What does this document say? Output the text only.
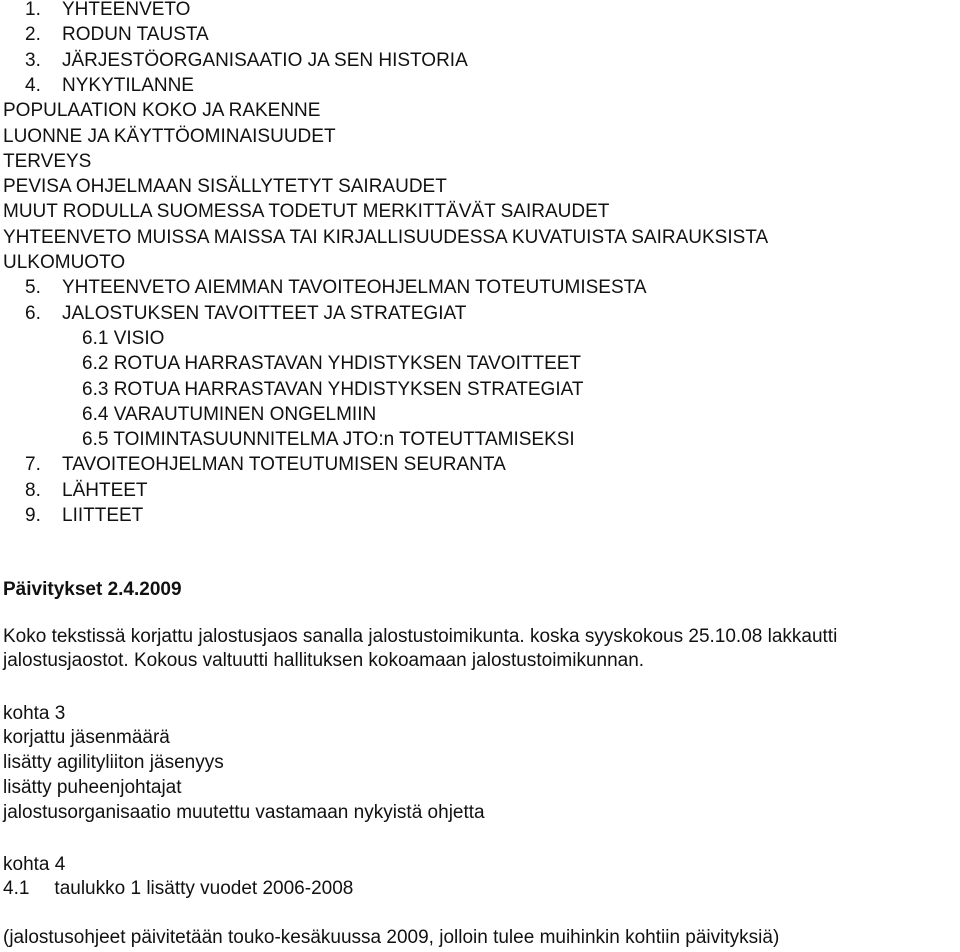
1. YHTEENVETO
2. RODUN TAUSTA
3. JÄRJESTÖORGANISAATIO JA SEN HISTORIA
4. NYKYTILANNE
POPULAATION KOKO JA RAKENNE
LUONNE JA KÄYTTÖOMINAISUUDET
TERVEYS
PEVISA OHJELMAAN SISÄLLYTETYT SAIRAUDET
MUUT RODULLA SUOMESSA TODETUT MERKITTÄVÄT SAIRAUDET
YHTEENVETO MUISSA MAISSA TAI KIRJALLISUUDESSA KUVATUISTA SAIRAUKSISTA
ULKOMUOTO
5. YHTEENVETO AIEMMAN TAVOITEOHJELMAN TOTEUTUMISESTA
6. JALOSTUKSEN TAVOITTEET JA STRATEGIAT
6.1 VISIO
6.2 ROTUA HARRASTAVAN YHDISTYKSEN TAVOITTEET
6.3 ROTUA HARRASTAVAN YHDISTYKSEN STRATEGIAT
6.4 VARAUTUMINEN ONGELMIIN
6.5 TOIMINTASUUNNITELMA JTO:n TOTEUTTAMISEKSI
7. TAVOITEOHJELMAN TOTEUTUMISEN SEURANTA
8. LÄHTEET
9. LIITTEET
Päivitykset 2.4.2009
Koko tekstissä korjattu jalostusjaos sanalla jalostustoimikunta. koska syyskokous 25.10.08 lakkautti
jalostusjaostot. Kokous valtuutti hallituksen kokoamaan jalostustoimikunnan.
kohta 3
korjattu jäsenmäärä
lisätty agilityliiton jäsenyys
lisätty puheenjohtajat
jalostusorganisaatio muutettu vastamaan nykyistä ohjetta
kohta 4
4.1 taulukko 1 lisätty vuodet 2006-2008
(jalostusohjeet päivitetään touko-kesäkuussa 2009, jolloin tulee muihinkin kohtiin päivityksiä)
